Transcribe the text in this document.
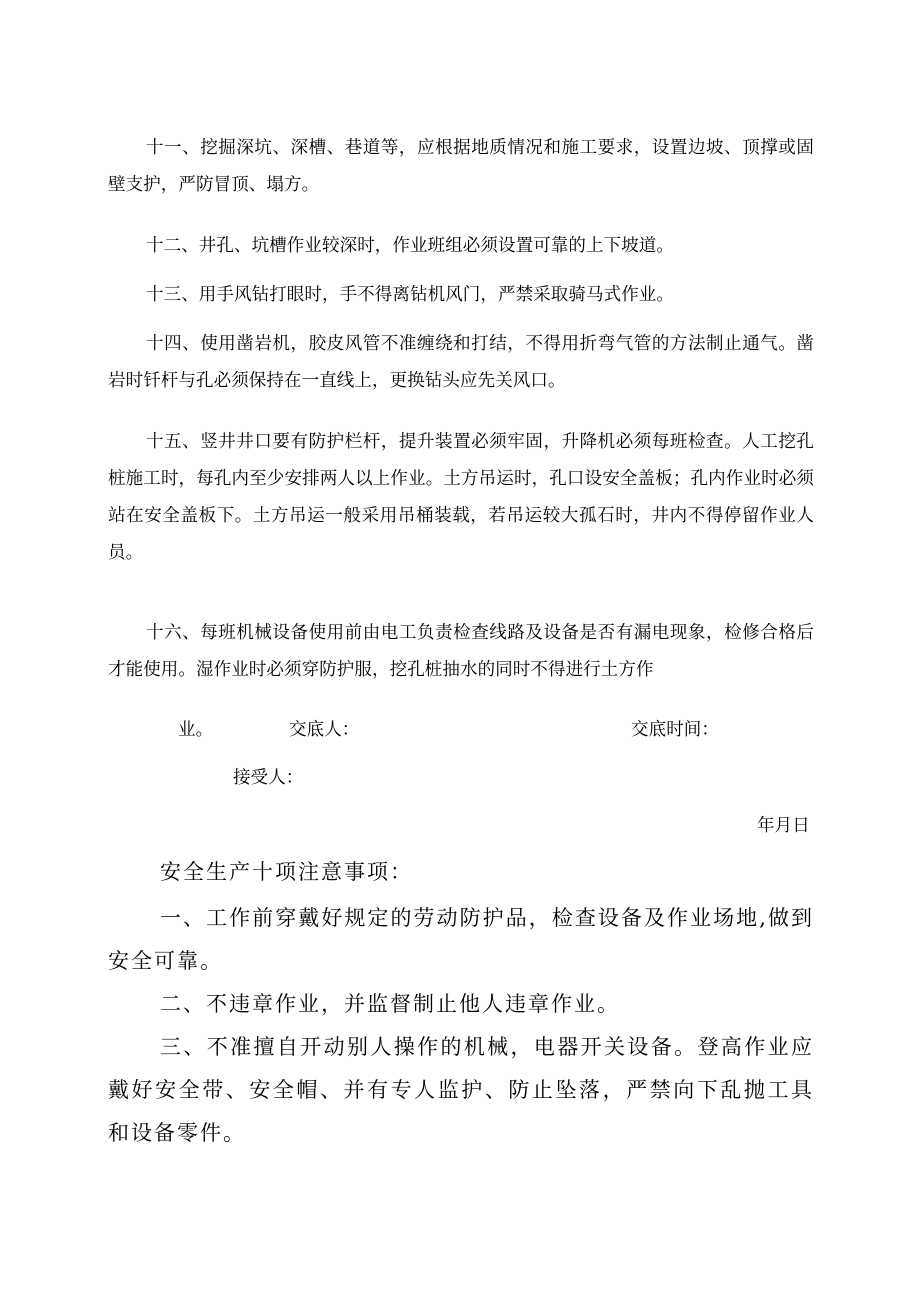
十一、挖掘深坑、深槽、巷道等，应根据地质情况和施工要求，设置边坡、顶撑或固壁支护，严防冒顶、塌方。

十二、井孔、坑槽作业较深时，作业班组必须设置可靠的上下坡道。

十三、用手风钻打眼时，手不得离钻机风门，严禁采取骑马式作业。

十四、使用凿岩机，胶皮风管不准缠绕和打结，不得用折弯气管的方法制止通气。凿岩时钎杆与孔必须保持在一直线上，更换钻头应先关风口。

十五、竖井井口要有防护栏杆，提升装置必须牢固，升降机必须每班检查。人工挖孔桩施工时，每孔内至少安排两人以上作业。土方吊运时，孔口设安全盖板；孔内作业时必须站在安全盖板下。土方吊运一般采用吊桶装载，若吊运较大孤石时，井内不得停留作业人员。

十六、每班机械设备使用前由电工负责检查线路及设备是否有漏电现象，检修合格后才能使用。湿作业时必须穿防护服，挖孔桩抽水的同时不得进行土方作

业。	交底人：	交底时间：
接受人：
年月日
安全生产十项注意事项：

一、工作前穿戴好规定的劳动防护品，检查设备及作业场地,做到安全可靠。

二、不违章作业，并监督制止他人违章作业。

三、不准擅自开动别人操作的机械，电器开关设备。登高作业应戴好安全带、安全帽、并有专人监护、防止坠落，严禁向下乱抛工具和设备零件。
